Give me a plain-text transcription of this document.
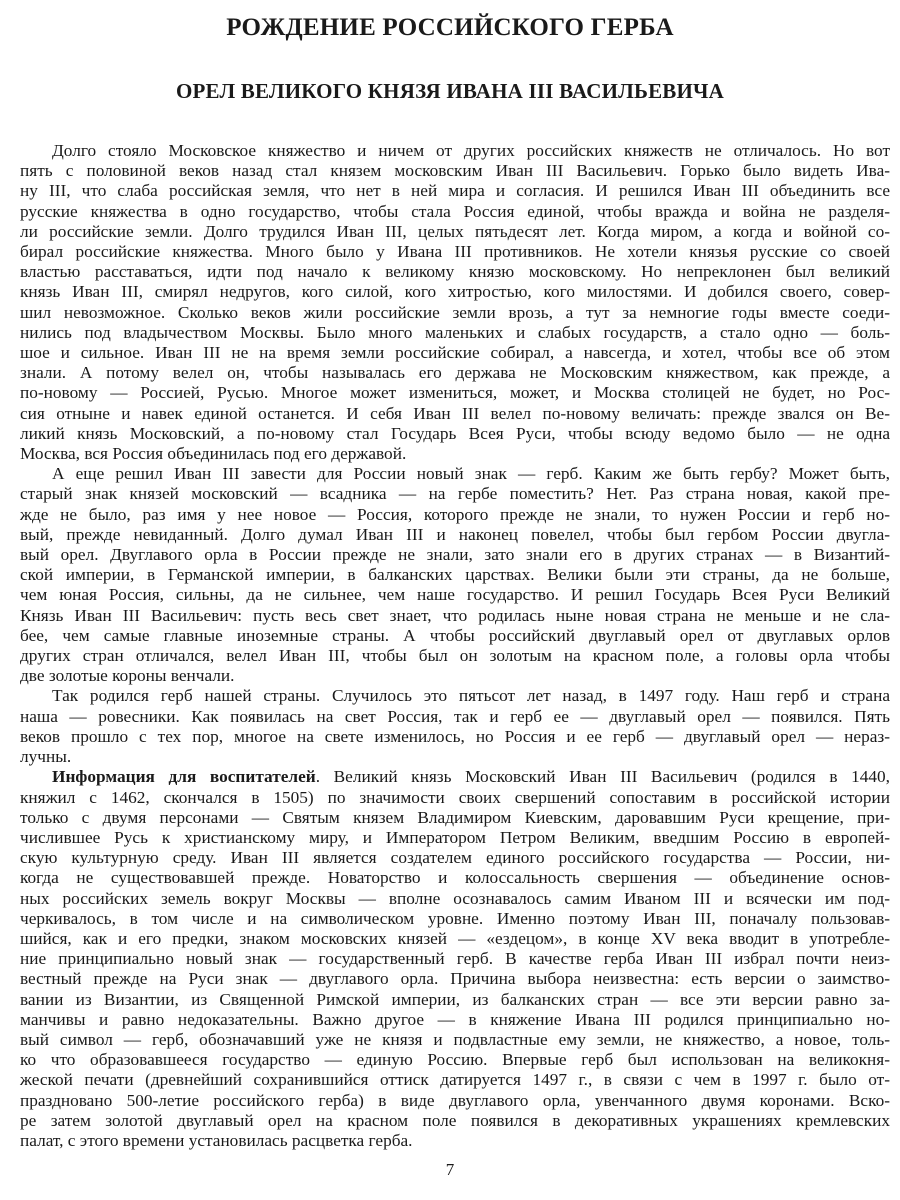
РОЖДЕНИЕ РОССИЙСКОГО ГЕРБА
ОРЕЛ ВЕЛИКОГО КНЯЗЯ ИВАНА III ВАСИЛЬЕВИЧА
Долго стояло Московское княжество и ничем от других российских княжеств не отличалось. Но вот
пять с половиной веков назад стал князем московским Иван III Васильевич. Горько было видеть Ива-
ну III, что слаба российская земля, что нет в ней мира и согласия. И решился Иван III объединить все
русские княжества в одно государство, чтобы стала Россия единой, чтобы вражда и война не разделя-
ли российские земли. Долго трудился Иван III, целых пятьдесят лет. Когда миром, а когда и войной со-
бирал российские княжества. Много было у Ивана III противников. Не хотели князья русские со своей
властью расставаться, идти под начало к великому князю московскому. Но непреклонен был великий
князь Иван III, смирял недругов, кого силой, кого хитростью, кого милостями. И добился своего, совер-
шил невозможное. Сколько веков жили российские земли врозь, а тут за немногие годы вместе соеди-
нились под владычеством Москвы. Было много маленьких и слабых государств, а стало одно — боль-
шое и сильное. Иван III не на время земли российские собирал, а навсегда, и хотел, чтобы все об этом
знали. А потому велел он, чтобы называлась его держава не Московским княжеством, как прежде, а
по-новому — Россией, Русью. Многое может измениться, может, и Москва столицей не будет, но Рос-
сия отныне и навек единой останется. И себя Иван III велел по-новому величать: прежде звался он Ве-
ликий князь Московский, а по-новому стал Государь Всея Руси, чтобы всюду ведомо было — не одна
Москва, вся Россия объединилась под его державой.
А еще решил Иван III завести для России новый знак — герб. Каким же быть гербу? Может быть,
старый знак князей московский — всадника — на гербе поместить? Нет. Раз страна новая, какой пре-
жде не было, раз имя у нее новое — Россия, которого прежде не знали, то нужен России и герб но-
вый, прежде невиданный. Долго думал Иван III и наконец повелел, чтобы был гербом России двугла-
вый орел. Двуглавого орла в России прежде не знали, зато знали его в других странах — в Византий-
ской империи, в Германской империи, в балканских царствах. Велики были эти страны, да не больше,
чем юная Россия, сильны, да не сильнее, чем наше государство. И решил Государь Всея Руси Великий
Князь Иван III Васильевич: пусть весь свет знает, что родилась ныне новая страна не меньше и не сла-
бее, чем самые главные иноземные страны. А чтобы российский двуглавый орел от двуглавых орлов
других стран отличался, велел Иван III, чтобы был он золотым на красном поле, а головы орла чтобы
две золотые короны венчали.
Так родился герб нашей страны. Случилось это пятьсот лет назад, в 1497 году. Наш герб и страна
наша — ровесники. Как появилась на свет Россия, так и герб ее — двуглавый орел — появился. Пять
веков прошло с тех пор, многое на свете изменилось, но Россия и ее герб — двуглавый орел — нераз-
лучны.
Информация для воспитателей. Великий князь Московский Иван III Васильевич (родился в 1440,
княжил с 1462, скончался в 1505) по значимости своих свершений сопоставим в российской истории
только с двумя персонами — Святым князем Владимиром Киевским, даровавшим Руси крещение, при-
числившее Русь к христианскому миру, и Императором Петром Великим, введшим Россию в европей-
скую культурную среду. Иван III является создателем единого российского государства — России, ни-
когда не существовавшей прежде. Новаторство и колоссальность свершения — объединение основ-
ных российских земель вокруг Москвы — вполне осознавалось самим Иваном III и всячески им под-
черкивалось, в том числе и на символическом уровне. Именно поэтому Иван III, поначалу пользовав-
шийся, как и его предки, знаком московских князей — «ездецом», в конце XV века вводит в употребле-
ние принципиально новый знак — государственный герб. В качестве герба Иван III избрал почти неиз-
вестный прежде на Руси знак — двуглавого орла. Причина выбора неизвестна: есть версии о заимство-
вании из Византии, из Священной Римской империи, из балканских стран — все эти версии равно за-
манчивы и равно недоказательны. Важно другое — в княжение Ивана III родился принципиально но-
вый символ — герб, обозначавший уже не князя и подвластные ему земли, не княжество, а новое, толь-
ко что образовавшееся государство — единую Россию. Впервые герб был использован на великокня-
жеской печати (древнейший сохранившийся оттиск датируется 1497 г., в связи с чем в 1997 г. было от-
праздновано 500-летие российского герба) в виде двуглавого орла, увенчанного двумя коронами. Вско-
ре затем золотой двуглавый орел на красном поле появился в декоративных украшениях кремлевских
палат, с этого времени установилась расцветка герба.
7
